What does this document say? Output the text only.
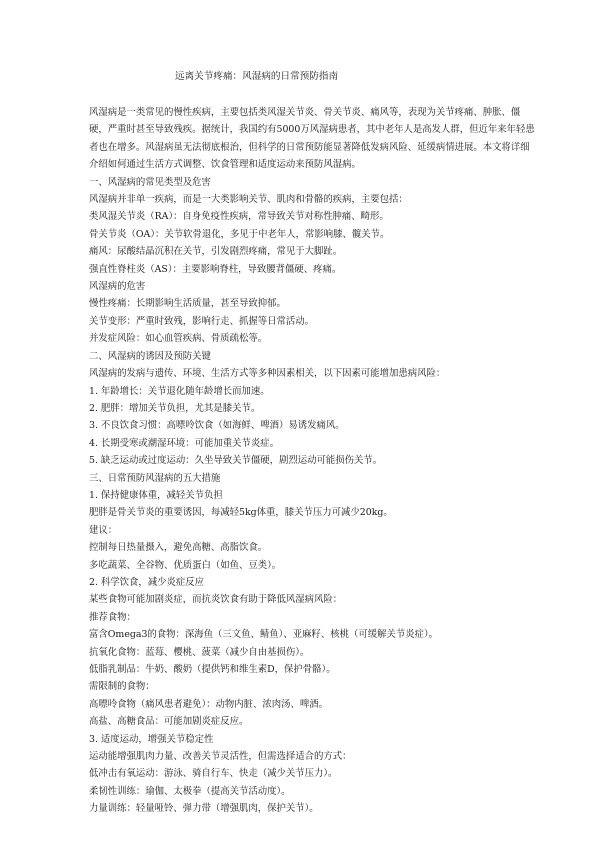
远离关节疼痛：风湿病的日常预防指南

风湿病是一类常见的慢性疾病，主要包括类风湿关节炎、骨关节炎、痛风等，表现为关节疼痛、肿胀、僵硬，严重时甚至导致残疾。据统计，我国约有5000万风湿病患者，其中老年人是高发人群，但近年来年轻患者也在增多。风湿病虽无法彻底根治，但科学的日常预防能显著降低发病风险、延缓病情进展。本文将详细介绍如何通过生活方式调整、饮食管理和适度运动来预防风湿病。

一、风湿病的常见类型及危害

风湿病并非单一疾病，而是一大类影响关节、肌肉和骨骼的疾病，主要包括：

类风湿关节炎（RA）：自身免疫性疾病，常导致关节对称性肿痛、畸形。

骨关节炎（OA）：关节软骨退化，多见于中老年人，常影响膝、髋关节。

痛风：尿酸结晶沉积在关节，引发剧烈疼痛，常见于大脚趾。

强直性脊柱炎（AS）：主要影响脊柱，导致腰背僵硬、疼痛。

风湿病的危害

慢性疼痛：长期影响生活质量，甚至导致抑郁。

关节变形：严重时致残，影响行走、抓握等日常活动。

并发症风险：如心血管疾病、骨质疏松等。

二、风湿病的诱因及预防关键

风湿病的发病与遗传、环境、生活方式等多种因素相关，以下因素可能增加患病风险：

1. 年龄增长：关节退化随年龄增长而加速。

2. 肥胖：增加关节负担，尤其是膝关节。

3. 不良饮食习惯：高嘌呤饮食（如海鲜、啤酒）易诱发痛风。

4. 长期受寒或潮湿环境：可能加重关节炎症。

5. 缺乏运动或过度运动：久坐导致关节僵硬，剧烈运动可能损伤关节。

三、日常预防风湿病的五大措施

1. 保持健康体重，减轻关节负担

肥胖是骨关节炎的重要诱因，每减轻5kg体重，膝关节压力可减少20kg。

建议：

控制每日热量摄入，避免高糖、高脂饮食。

多吃蔬菜、全谷物、优质蛋白（如鱼、豆类）。

2. 科学饮食，减少炎症反应

某些食物可能加剧炎症，而抗炎饮食有助于降低风湿病风险：

推荐食物：

富含Omega3的食物：深海鱼（三文鱼、鲭鱼）、亚麻籽、核桃（可缓解关节炎症）。

抗氧化食物：蓝莓、樱桃、菠菜（减少自由基损伤）。

低脂乳制品：牛奶、酸奶（提供钙和维生素D，保护骨骼）。

需限制的食物：

高嘌呤食物（痛风患者避免）：动物内脏、浓肉汤、啤酒。

高盐、高糖食品：可能加剧炎症反应。

3. 适度运动，增强关节稳定性

运动能增强肌肉力量、改善关节灵活性，但需选择适合的方式：

低冲击有氧运动：游泳、骑自行车、快走（减少关节压力）。

柔韧性训练：瑜伽、太极拳（提高关节活动度）。

力量训练：轻量哑铃、弹力带（增强肌肉，保护关节）。
